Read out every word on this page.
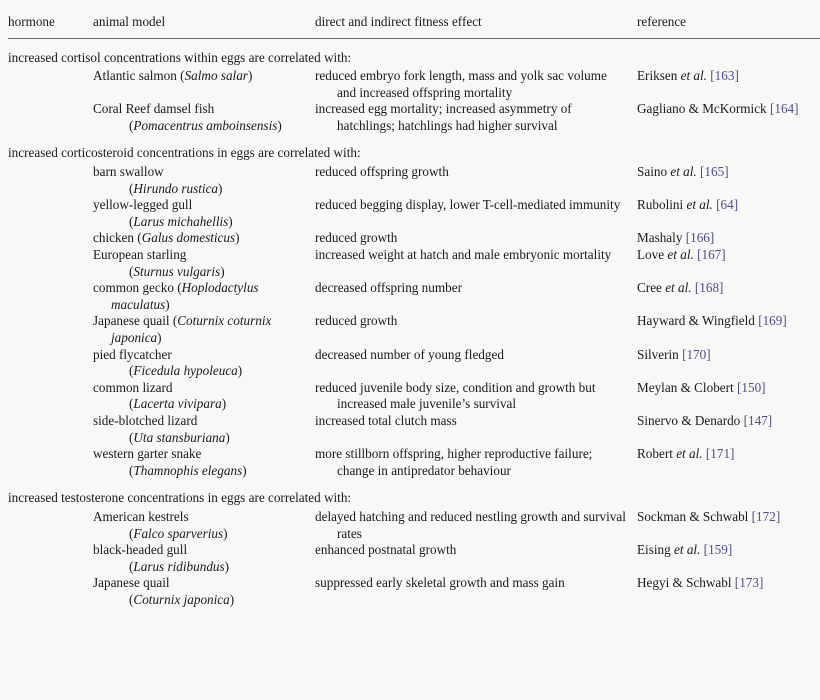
hormone	animal model	direct and indirect fitness effect	reference

increased cortisol concentrations within eggs are correlated with:			

	Atlantic salmon (Salmo salar)	reduced embryo fork length, mass and yolk sac volume and increased offspring mortality	Eriksen et al. [163]

	Coral Reef damsel fish
(Pomacentrus amboinsensis)	increased egg mortality; increased asymmetry of hatchlings; hatchlings had higher survival	Gagliano & McKormick [164]

increased corticosteroid concentrations in eggs are correlated with:			

	barn swallow
(Hirundo rustica)	reduced offspring growth	Saino et al. [165]

	yellow-legged gull
(Larus michahellis)	reduced begging display, lower T-cell-mediated immunity	Rubolini et al. [64]

	chicken (Galus domesticus)	reduced growth	Mashaly [166]

	European starling
(Sturnus vulgaris)	increased weight at hatch and male embryonic mortality	Love et al. [167]

	common gecko (Hoplodactylus maculatus)	decreased offspring number	Cree et al. [168]

	Japanese quail (Coturnix coturnix japonica)	reduced growth	Hayward & Wingfield [169]

	pied flycatcher
(Ficedula hypoleuca)	decreased number of young fledged	Silverin [170]

	common lizard
(Lacerta vivipara)	reduced juvenile body size, condition and growth but increased male juvenile’s survival	Meylan & Clobert [150]

	side-blotched lizard
(Uta stansburiana)	increased total clutch mass	Sinervo & Denardo [147]

	western garter snake
(Thamnophis elegans)	more stillborn offspring, higher reproductive failure; change in antipredator behaviour	Robert et al. [171]

increased testosterone concentrations in eggs are correlated with:			

	American kestrels
(Falco sparverius)	delayed hatching and reduced nestling growth and survival rates	Sockman & Schwabl [172]

	black-headed gull
(Larus ridibundus)	enhanced postnatal growth	Eising et al. [159]

	Japanese quail
(Coturnix japonica)	suppressed early skeletal growth and mass gain	Hegyi & Schwabl [173]
